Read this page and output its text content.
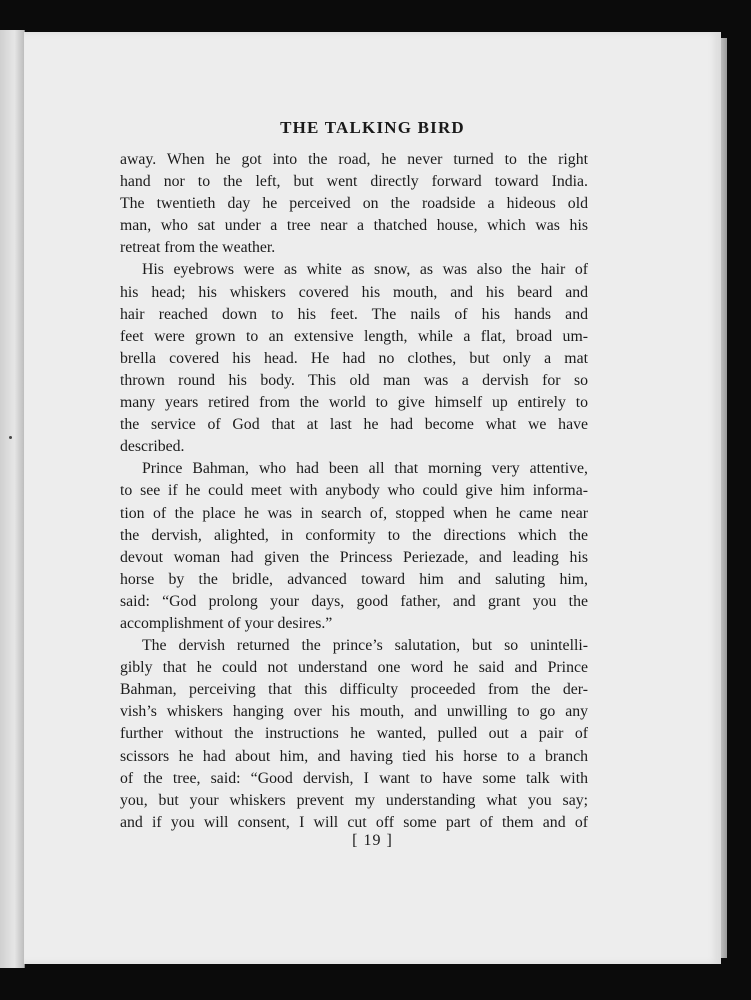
THE TALKING BIRD
away. When he got into the road, he never turned to the right
hand nor to the left, but went directly forward toward India.
The twentieth day he perceived on the roadside a hideous old
man, who sat under a tree near a thatched house, which was his
retreat from the weather.
His eyebrows were as white as snow, as was also the hair of
his head; his whiskers covered his mouth, and his beard and
hair reached down to his feet. The nails of his hands and
feet were grown to an extensive length, while a flat, broad um-
brella covered his head. He had no clothes, but only a mat
thrown round his body. This old man was a dervish for so
many years retired from the world to give himself up entirely to
the service of God that at last he had become what we have
described.
Prince Bahman, who had been all that morning very attentive,
to see if he could meet with anybody who could give him informa-
tion of the place he was in search of, stopped when he came near
the dervish, alighted, in conformity to the directions which the
devout woman had given the Princess Periezade, and leading his
horse by the bridle, advanced toward him and saluting him,
said: “God prolong your days, good father, and grant you the
accomplishment of your desires.”
The dervish returned the prince’s salutation, but so unintelli-
gibly that he could not understand one word he said and Prince
Bahman, perceiving that this difficulty proceeded from the der-
vish’s whiskers hanging over his mouth, and unwilling to go any
further without the instructions he wanted, pulled out a pair of
scissors he had about him, and having tied his horse to a branch
of the tree, said: “Good dervish, I want to have some talk with
you, but your whiskers prevent my understanding what you say;
and if you will consent, I will cut off some part of them and of
[ 19 ]
